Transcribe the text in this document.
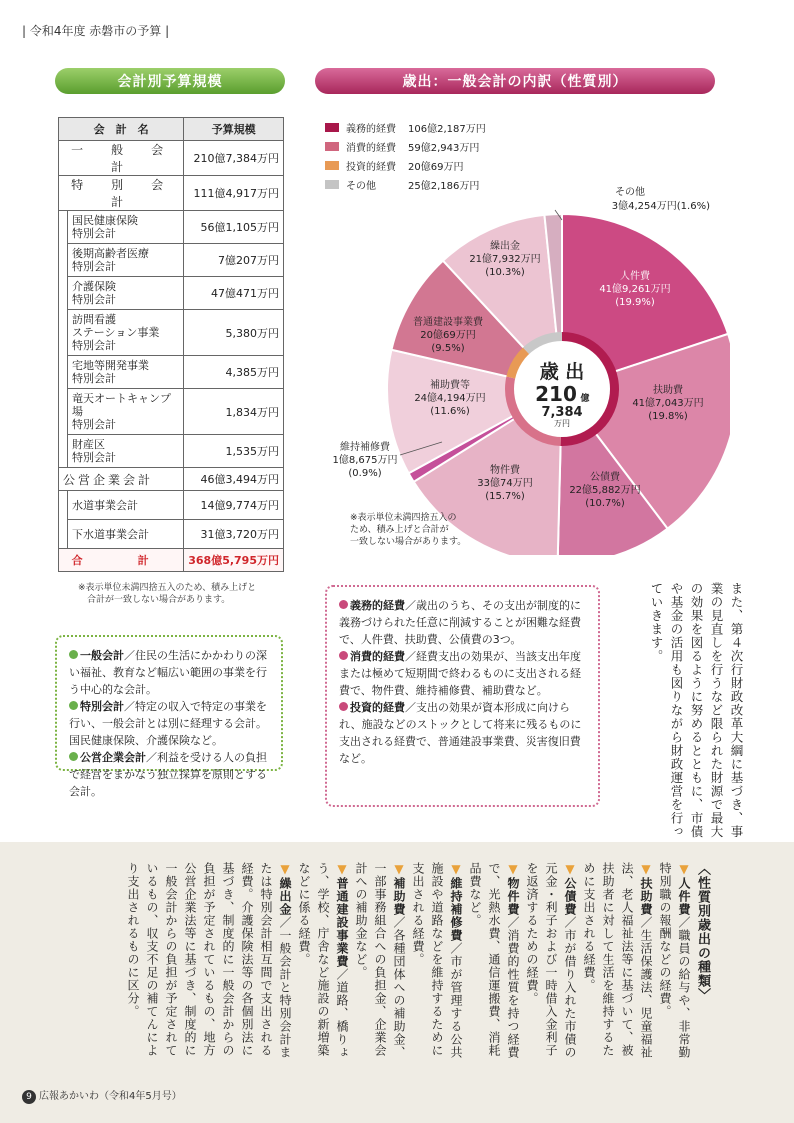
| 令和4年度 赤磐市の予算 |
会計別予算規模	歳出：一般会計の内訳（性質別）
会　計　名		予算規模
一　般　会　計		210億7,384万円
特　別　会　計		111億4,917万円
	国民健康保険
特別会計	56億1,105万円
	後期高齢者医療
特別会計	7億207万円
	介護保険
特別会計	47億471万円
	訪問看護
ステーション事業
特別会計	5,380万円
	宅地等開発事業
特別会計	4,385万円
	竜天オートキャンプ場
特別会計	1,834万円
	財産区
特別会計	1,535万円
公営企業会計		46億3,494万円
	水道事業会計	14億9,774万円
	下水道事業会計	31億3,720万円
合　計		368億5,795万円
※表示単位未満四捨五入のため、積み上げと
　合計が一致しない場合があります。
義務的経費	106億2,187万円
消費的経費	59億2,943万円
投資的経費	20億69万円
その他	25億2,186万円
歳 出
210 億
7,384
万円
人件費
41億9,261万円
(19.9%)
扶助費
41億7,043万円
(19.8%)
公債費
22億5,882万円
(10.7%)
物件費
33億74万円
(15.7%)
維持補修費
1億8,675万円
(0.9%)
補助費等
24億4,194万円
(11.6%)
普通建設事業費
20億69万円
(9.5%)
繰出金
21億7,932万円
(10.3%)
その他
3億4,254万円(1.6%)
※表示単位未満四捨五入の
ため、積み上げと合計が
一致しない場合があります。
また、第４次行財政改革大綱に基づき、事業の見直しを行うなど限られた財源で最大の効果を図るように努めるとともに、市債や基金の活用も図りながら財政運営を行っていきます。
一般会計／住民の生活にかかわりの深い福祉、教育など幅広い範囲の事業を行う中心的な会計。
特別会計／特定の収入で特定の事業を行い、一般会計とは別に経理する会計。国民健康保険、介護保険など。
公営企業会計／利益を受ける人の負担で経営をまかなう独立採算を原則とする会計。
義務的経費／歳出のうち、その支出が制度的に義務づけられた任意に削減することが困難な経費で、人件費、扶助費、公債費の3つ。
消費的経費／経費支出の効果が、当該支出年度または極めて短期間で終わるものに支出される経費で、物件費、維持補修費、補助費など。
投資的経費／支出の効果が資本形成に向けられ、施設などのストックとして将来に残るものに支出される経費で、普通建設事業費、災害復旧費など。
〈性質別歳出の種類〉
▼人件費／職員の給与や、非常勤特別職の報酬などの経費。
▼扶助費／生活保護法、児童福祉法、老人福祉法等に基づいて、被扶助者に対して生活を維持するために支出される経費。
▼公債費／市が借り入れた市債の元金・利子および一時借入金利子を返済するための経費。
▼物件費／消費的性質を持つ経費で、光熱水費、通信運搬費、消耗品費など。
▼維持補修費／市が管理する公共施設や道路などを維持するために支出される経費。
▼補助費／各種団体への補助金、一部事務組合への負担金、企業会計への補助金など。
▼普通建設事業費／道路、橋りょう、学校、庁舎など施設の新増築などに係る経費。
▼繰出金／一般会計と特別会計または特別会計相互間で支出される経費。介護保険法等の各個別法に基づき、制度的に一般会計からの負担が予定されているもの、地方公営企業法等に基づき、制度的に一般会計からの負担が予定されているもの、収支不足の補てんにより支出されるものに区分。
9 広報あかいわ（令和4年5月号）
